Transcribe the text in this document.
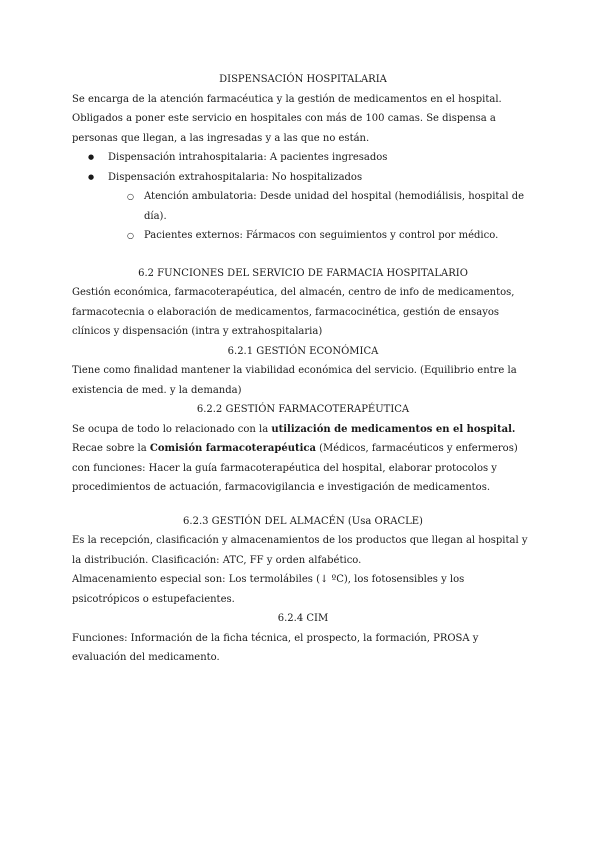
DISPENSACIÓN HOSPITALARIA

Se encarga de la atención farmacéutica y la gestión de medicamentos en el hospital.

Obligados a poner este servicio en hospitales con más de 100 camas. Se dispensa a personas que llegan, a las ingresadas y a las que no están.

● Dispensación intrahospitalaria: A pacientes ingresados
● Dispensación extrahospitalaria: No hospitalizados
○ Atención ambulatoria: Desde unidad del hospital (hemodiálisis, hospital de día).
○ Pacientes externos: Fármacos con seguimientos y control por médico.

6.2 FUNCIONES DEL SERVICIO DE FARMACIA HOSPITALARIO

Gestión económica, farmacoterapéutica, del almacén, centro de info de medicamentos, farmacotecnia o elaboración de medicamentos, farmacocinética, gestión de ensayos clínicos y dispensación (intra y extrahospitalaria)

6.2.1 GESTIÓN ECONÓMICA

Tiene como finalidad mantener la viabilidad económica del servicio. (Equilibrio entre la existencia de med. y la demanda)

6.2.2 GESTIÓN FARMACOTERAPÉUTICA

Se ocupa de todo lo relacionado con la utilización de medicamentos en el hospital.

Recae sobre la Comisión farmacoterapéutica (Médicos, farmacéuticos y enfermeros) con funciones: Hacer la guía farmacoterapéutica del hospital, elaborar protocolos y procedimientos de actuación, farmacovigilancia e investigación de medicamentos.

6.2.3 GESTIÓN DEL ALMACÉN (Usa ORACLE)

Es la recepción, clasificación y almacenamientos de los productos que llegan al hospital y la distribución. Clasificación: ATC, FF y orden alfabético.

Almacenamiento especial son: Los termolábiles (↓ ºC), los fotosensibles y los psicotrópicos o estupefacientes.

6.2.4 CIM

Funciones: Información de la ficha técnica, el prospecto, la formación, PROSA y evaluación del medicamento.
